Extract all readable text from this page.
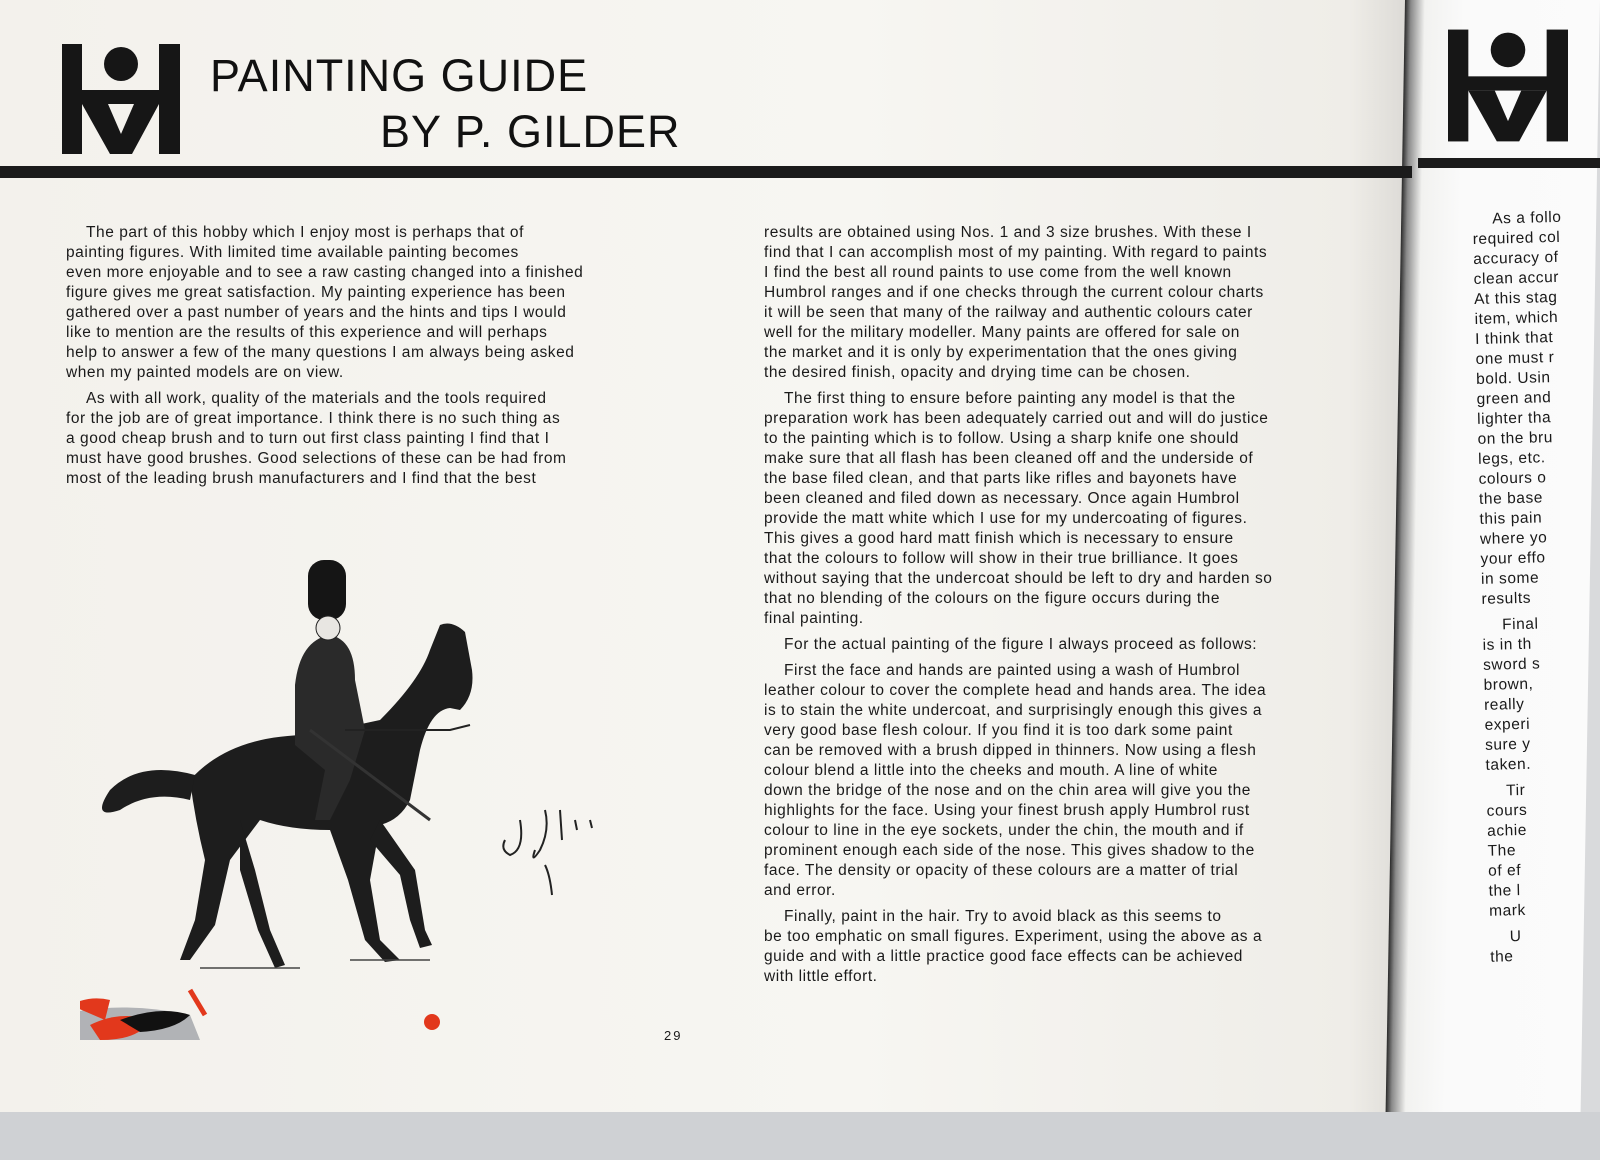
PAINTING GUIDE
BY P. GILDER
The part of this hobby which I enjoy most is perhaps that of
painting figures. With limited time available painting becomes
even more enjoyable and to see a raw casting changed into a finished
figure gives me great satisfaction. My painting experience has been
gathered over a past number of years and the hints and tips I would
like to mention are the results of this experience and will perhaps
help to answer a few of the many questions I am always being asked
when my painted models are on view.
As with all work, quality of the materials and the tools required
for the job are of great importance. I think there is no such thing as
a good cheap brush and to turn out first class painting I find that I
must have good brushes. Good selections of these can be had from
most of the leading brush manufacturers and I find that the best
results are obtained using Nos. 1 and 3 size brushes. With these I
find that I can accomplish most of my painting. With regard to paints
I find the best all round paints to use come from the well known
Humbrol ranges and if one checks through the current colour charts
it will be seen that many of the railway and authentic colours cater
well for the military modeller. Many paints are offered for sale on
the market and it is only by experimentation that the ones giving
the desired finish, opacity and drying time can be chosen.
The first thing to ensure before painting any model is that the
preparation work has been adequately carried out and will do justice
to the painting which is to follow. Using a sharp knife one should
make sure that all flash has been cleaned off and the underside of
the base filed clean, and that parts like rifles and bayonets have
been cleaned and filed down as necessary. Once again Humbrol
provide the matt white which I use for my undercoating of figures.
This gives a good hard matt finish which is necessary to ensure
that the colours to follow will show in their true brilliance. It goes
without saying that the undercoat should be left to dry and harden so
that no blending of the colours on the figure occurs during the
final painting.
For the actual painting of the figure I always proceed as follows:
First the face and hands are painted using a wash of Humbrol
leather colour to cover the complete head and hands area. The idea
is to stain the white undercoat, and surprisingly enough this gives a
very good base flesh colour. If you find it is too dark some paint
can be removed with a brush dipped in thinners. Now using a flesh
colour blend a little into the cheeks and mouth. A line of white
down the bridge of the nose and on the chin area will give you the
highlights for the face. Using your finest brush apply Humbrol rust
colour to line in the eye sockets, under the chin, the mouth and if
prominent enough each side of the nose. This gives shadow to the
face. The density or opacity of these colours are a matter of trial
and error.
Finally, paint in the hair. Try to avoid black as this seems to
be too emphatic on small figures. Experiment, using the above as a
guide and with a little practice good face effects can be achieved
with little effort.
As a follo
required col
accuracy of
clean accur
At this stag
item, which
I think that
one must r
bold. Usin
green and
lighter tha
on the bru
legs, etc.
colours o
the base
this pain
where yo
your effo
in some
results
Final
is in th
sword s
brown,
really
experi
sure y
taken.
Tir
cours
achie
The
of ef
the l
mark
U
the
29
